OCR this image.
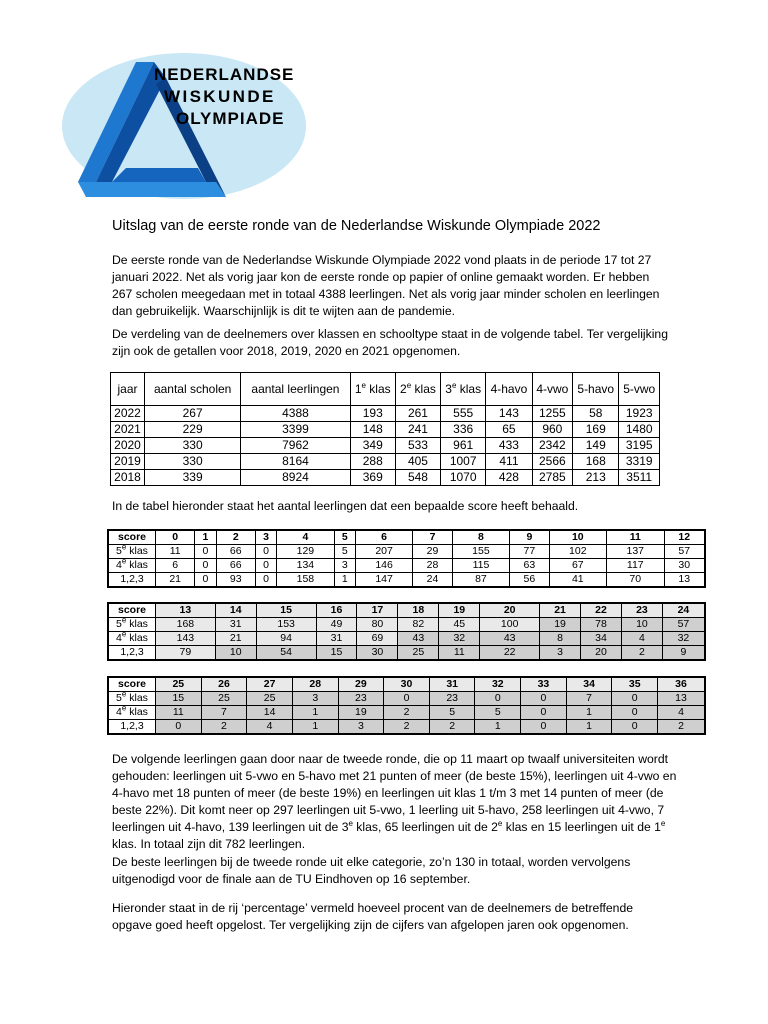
NEDERLANDSE
WISKUNDE
OLYMPIADE
Uitslag van de eerste ronde van de Nederlandse Wiskunde Olympiade 2022

De eerste ronde van de Nederlandse Wiskunde Olympiade 2022 vond plaats in de periode 17 tot 27 januari 2022. Net als vorig jaar kon de eerste ronde op papier of online gemaakt worden. Er hebben 267 scholen meegedaan met in totaal 4388 leerlingen. Net als vorig jaar minder scholen en leerlingen dan gebruikelijk. Waarschijnlijk is dit te wijten aan de pandemie.

De verdeling van de deelnemers over klassen en schooltype staat in de volgende tabel. Ter vergelijking zijn ook de getallen voor 2018, 2019, 2020 en 2021 opgenomen.

jaar	aantal scholen	aantal leerlingen	1e klas	2e klas	3e klas	4-havo	4-vwo	5-havo	5-vwo
2022	267	4388	193	261	555	143	1255	58	1923
2021	229	3399	148	241	336	65	960	169	1480
2020	330	7962	349	533	961	433	2342	149	3195
2019	330	8164	288	405	1007	411	2566	168	3319
2018	339	8924	369	548	1070	428	2785	213	3511

In de tabel hieronder staat het aantal leerlingen dat een bepaalde score heeft behaald.

score	0	1	2	3	4	5	6	7	8	9	10	11	12
5e klas	11	0	66	0	129	5	207	29	155	77	102	137	57
4e klas	6	0	66	0	134	3	146	28	115	63	67	117	30
1,2,3	21	0	93	0	158	1	147	24	87	56	41	70	13
score	13	14	15	16	17	18	19	20	21	22	23	24
5e klas	168	31	153	49	80	82	45	100	19	78	10	57
4e klas	143	21	94	31	69	43	32	43	8	34	4	32
1,2,3	79	10	54	15	30	25	11	22	3	20	2	9
score	25	26	27	28	29	30	31	32	33	34	35	36
5e klas	15	25	25	3	23	0	23	0	0	7	0	13
4e klas	11	7	14	1	19	2	5	5	0	1	0	4
1,2,3	0	2	4	1	3	2	2	1	0	1	0	2

De volgende leerlingen gaan door naar de tweede ronde, die op 11 maart op twaalf universiteiten wordt gehouden: leerlingen uit 5-vwo en 5-havo met 21 punten of meer (de beste 15%), leerlingen uit 4-vwo en 4-havo met 18 punten of meer (de beste 19%) en leerlingen uit klas 1 t/m 3 met 14 punten of meer (de beste 22%). Dit komt neer op 297 leerlingen uit 5-vwo, 1 leerling uit 5-havo, 258 leerlingen uit 4-vwo, 7 leerlingen uit 4-havo, 139 leerlingen uit de 3e klas, 65 leerlingen uit de 2e klas en 15 leerlingen uit de 1e klas. In totaal zijn dit 782 leerlingen.

De beste leerlingen bij de tweede ronde uit elke categorie, zo’n 130 in totaal, worden vervolgens uitgenodigd voor de finale aan de TU Eindhoven op 16 september.

Hieronder staat in de rij ‘percentage’ vermeld hoeveel procent van de deelnemers de betreffende opgave goed heeft opgelost. Ter vergelijking zijn de cijfers van afgelopen jaren ook opgenomen.
